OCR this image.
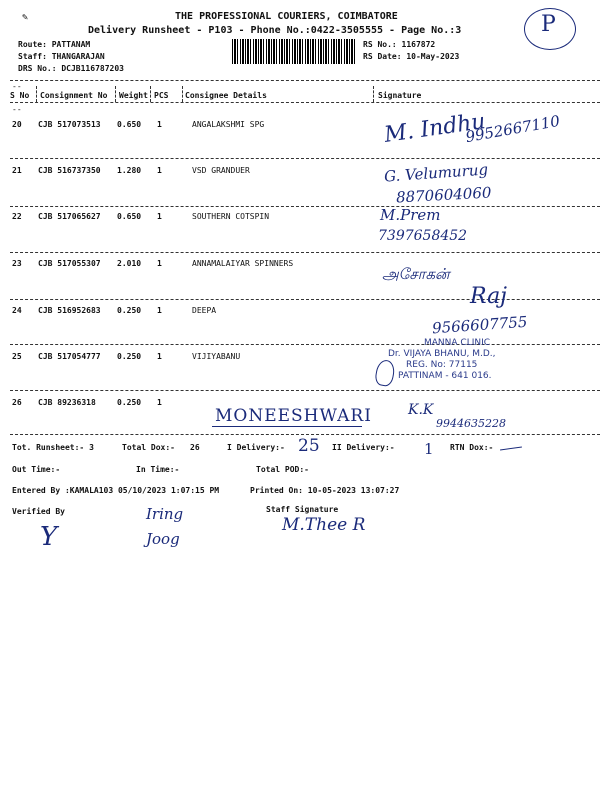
✎	THE PROFESSIONAL COURIERS, COIMBATORE
Delivery Runsheet - P103 - Phone No.:0422-3505555 - Page No.:3	P
Route: PATTANAM
Staff: THANGARAJAN
DRS No.: DCJB116787203
RS No.: 1167872
RS Date: 10-May-2023
--
S No Consignment No Weight PCS Consignee Details	Signature
--
20 CJB 517073513 0.650 1	ANGALAKSHMI SPG	M. Indhu
9952667110
21 CJB 516737350 1.280 1	VSD GRANDUER	G. Velumurug
8870604060
22 CJB 517065627 0.650 1	SOUTHERN COTSPIN	M.Prem
7397658452
23 CJB 517055307 2.010 1	ANNAMALAIYAR SPINNERS
அசோகன்
24 CJB 516952683 0.250 1	DEEPA
Raj
9566607755
25 CJB 517054777 0.250 1	VIJIYABANU
MANNA CLINIC
Dr. VIJAYA BHANU, M.D.,
REG. No: 77115
PATTINAM - 641 016.
26 CJB 89236318	0.250 1
MONEESHWARI	K.K
9944635228
Tot. Runsheet:- 3	Total Dox:- 26	I Delivery:- 25 II Delivery:- 1 RTN Dox:-
Out Time:-	In Time:-	Total POD:-
Entered By :KAMALA103 05/10/2023 1:07:15 PM	Printed On: 10-05-2023 13:07:27
Verified By	Staff Signature
Y
Iring
Joog
M.Thee R
